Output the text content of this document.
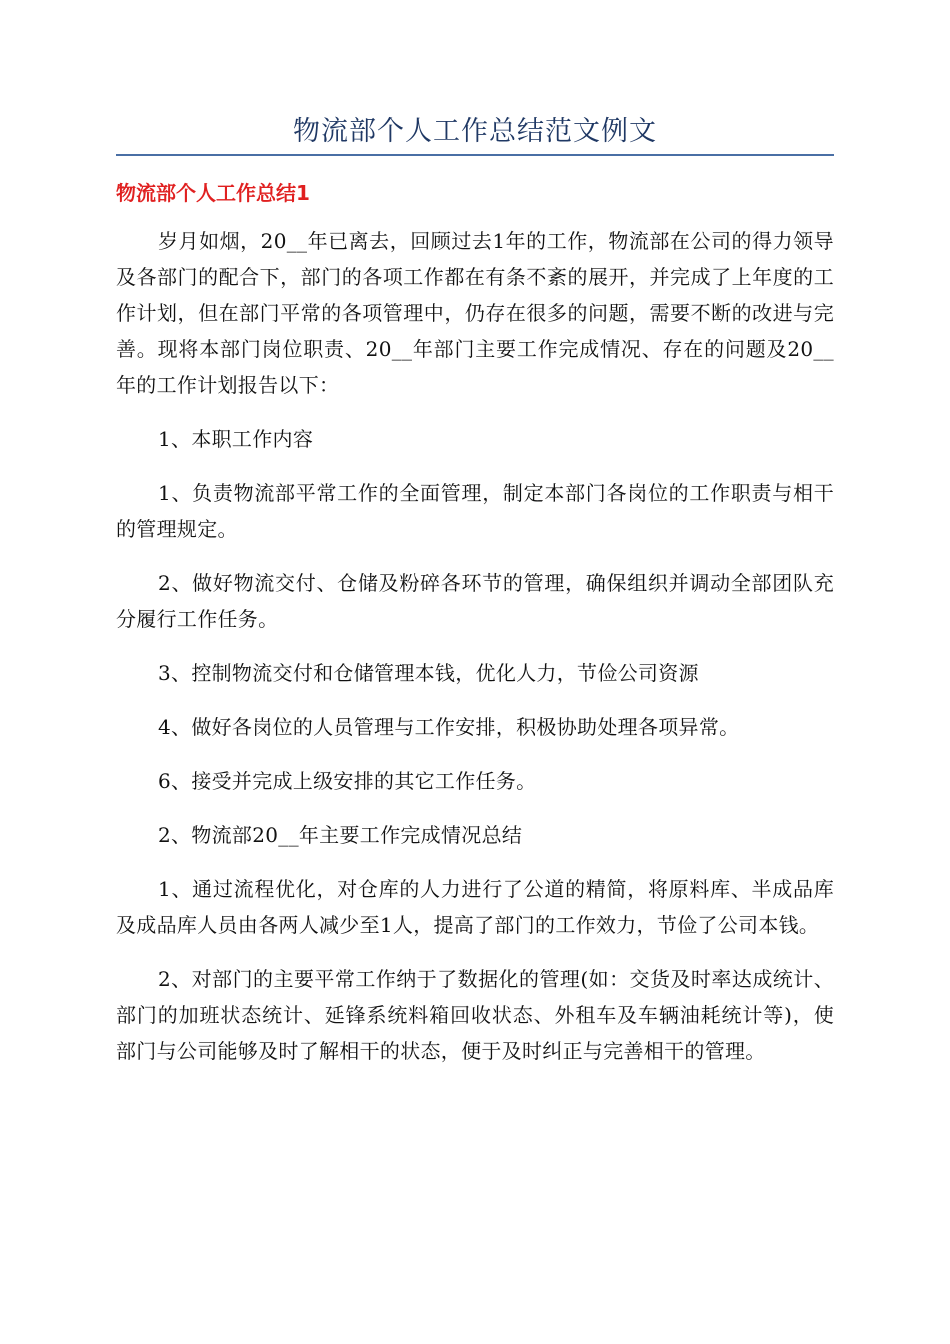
物流部个人工作总结范文例文
物流部个人工作总结1

岁月如烟，20__年已离去，回顾过去1年的工作，物流部在公司的得力领导及各部门的配合下，部门的各项工作都在有条不紊的展开，并完成了上年度的工作计划，但在部门平常的各项管理中，仍存在很多的问题，需要不断的改进与完善。现将本部门岗位职责、20__年部门主要工作完成情况、存在的问题及20__年的工作计划报告以下：

1、本职工作内容

1、负责物流部平常工作的全面管理，制定本部门各岗位的工作职责与相干的管理规定。

2、做好物流交付、仓储及粉碎各环节的管理，确保组织并调动全部团队充分履行工作任务。

3、控制物流交付和仓储管理本钱，优化人力，节俭公司资源

4、做好各岗位的人员管理与工作安排，积极协助处理各项异常。

6、接受并完成上级安排的其它工作任务。

2、物流部20__年主要工作完成情况总结

1、通过流程优化，对仓库的人力进行了公道的精简，将原料库、半成品库及成品库人员由各两人减少至1人，提高了部门的工作效力，节俭了公司本钱。

2、对部门的主要平常工作纳于了数据化的管理(如：交货及时率达成统计、部门的加班状态统计、延锋系统料箱回收状态、外租车及车辆油耗统计等)，使部门与公司能够及时了解相干的状态，便于及时纠正与完善相干的管理。
